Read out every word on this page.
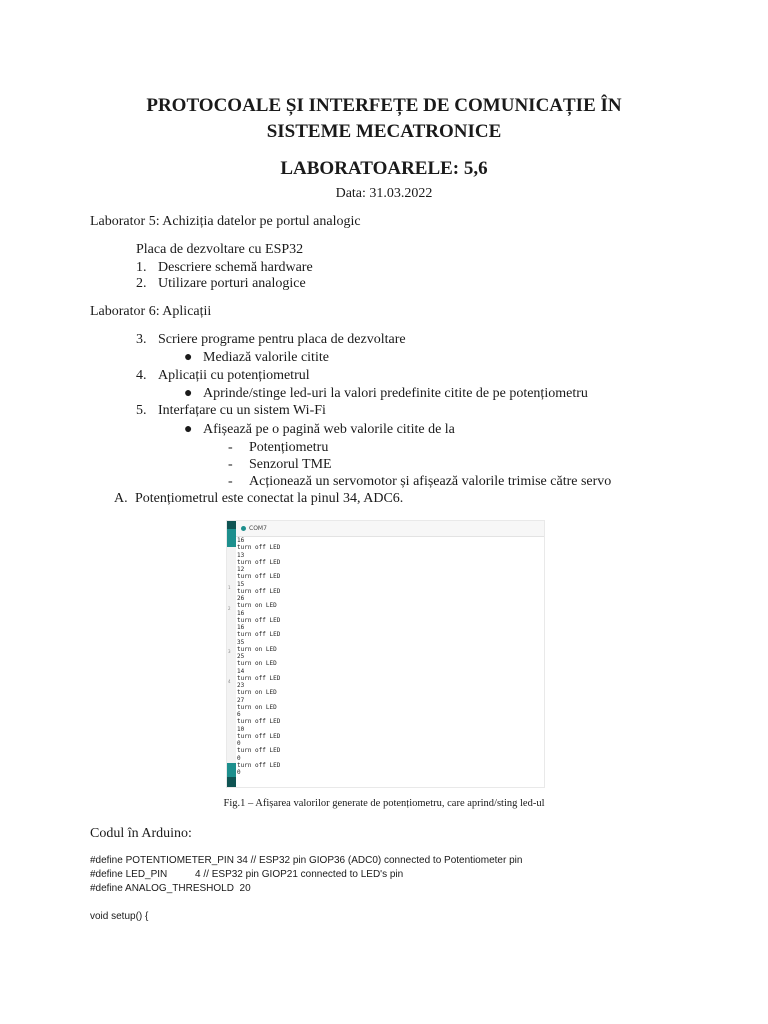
PROTOCOALE ȘI INTERFEȚE DE COMUNICAȚIE ÎN
SISTEME MECATRONICE
LABORATOARELE: 5,6
Data: 31.03.2022
Laborator 5: Achiziția datelor pe portul analogic
Placa de dezvoltare cu ESP32
1. Descriere schemă hardware
2. Utilizare porturi analogice
Laborator 6: Aplicații
3. Scriere programe pentru placa de dezvoltare
● Mediază valorile citite
4. Aplicații cu potențiometrul
● Aprinde/stinge led-uri la valori predefinite citite de pe potențiometru
5. Interfațare cu un sistem Wi-Fi
● Afișează pe o pagină web valorile citite de la
- Potențiometru
- Senzorul TME
- Acționează un servomotor și afișează valorile trimise către servo
A. Potențiometrul este conectat la pinul 34, ADC6.
1
2
3
4
COM7
16
turn off LED
13
turn off LED
12
turn off LED
15
turn off LED
26
turn on LED
16
turn off LED
16
turn off LED
35
turn on LED
25
turn on LED
14
turn off LED
23
turn on LED
27
turn on LED
6
turn off LED
10
turn off LED
0
turn off LED
0
turn off LED
0
Fig.1 – Afișarea valorilor generate de potențiometru, care aprind/sting led-ul
Codul în Arduino:
#define POTENTIOMETER_PIN 34 // ESP32 pin GIOP36 (ADC0) connected to Potentiometer pin
#define LED_PIN          4 // ESP32 pin GIOP21 connected to LED's pin
#define ANALOG_THRESHOLD  20
void setup() {
